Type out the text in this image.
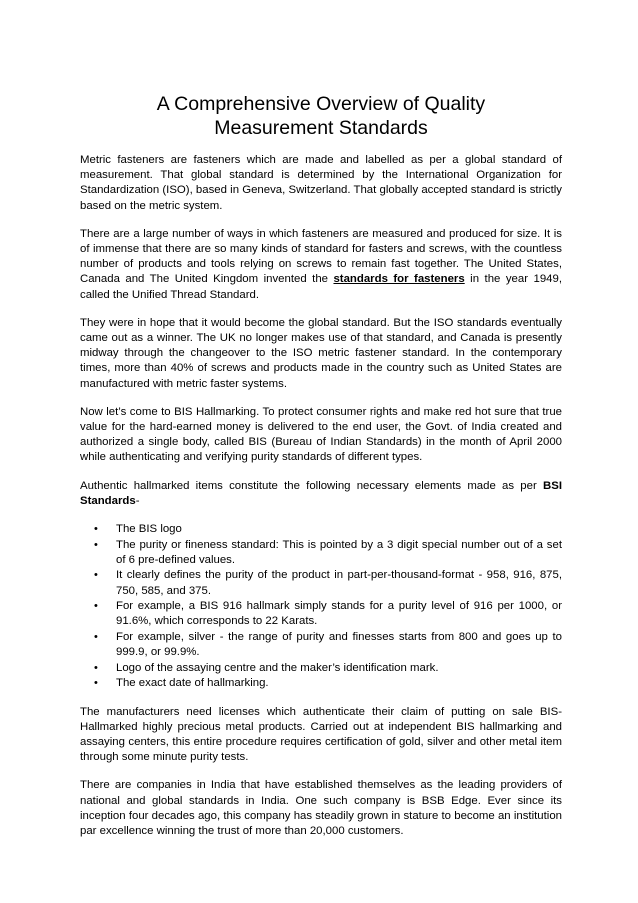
A Comprehensive Overview of Quality Measurement Standards

Metric fasteners are fasteners which are made and labelled as per a global standard of measurement. That global standard is determined by the International Organization for Standardization (ISO), based in Geneva, Switzerland. That globally accepted standard is strictly based on the metric system.

There are a large number of ways in which fasteners are measured and produced for size. It is of immense that there are so many kinds of standard for fasters and screws, with the countless number of products and tools relying on screws to remain fast together. The United States, Canada and The United Kingdom invented the standards for fasteners in the year 1949, called the Unified Thread Standard.

They were in hope that it would become the global standard. But the ISO standards eventually came out as a winner. The UK no longer makes use of that standard, and Canada is presently midway through the changeover to the ISO metric fastener standard. In the contemporary times, more than 40% of screws and products made in the country such as United States are manufactured with metric faster systems.

Now let’s come to BIS Hallmarking. To protect consumer rights and make red hot sure that true value for the hard-earned money is delivered to the end user, the Govt. of India created and authorized a single body, called BIS (Bureau of Indian Standards) in the month of April 2000 while authenticating and verifying purity standards of different types.

Authentic hallmarked items constitute the following necessary elements made as per BSI Standards-

• The BIS logo
• The purity or fineness standard: This is pointed by a 3 digit special number out of a set of 6 pre-defined values.
• It clearly defines the purity of the product in part-per-thousand-format - 958, 916, 875, 750, 585, and 375.
• For example, a BIS 916 hallmark simply stands for a purity level of 916 per 1000, or 91.6%, which corresponds to 22 Karats.
• For example, silver - the range of purity and finesses starts from 800 and goes up to 999.9, or 99.9%.
• Logo of the assaying centre and the maker’s identification mark.
• The exact date of hallmarking.

The manufacturers need licenses which authenticate their claim of putting on sale BIS-Hallmarked highly precious metal products. Carried out at independent BIS hallmarking and assaying centers, this entire procedure requires certification of gold, silver and other metal item through some minute purity tests.

There are companies in India that have established themselves as the leading providers of national and global standards in India. One such company is BSB Edge. Ever since its inception four decades ago, this company has steadily grown in stature to become an institution par excellence winning the trust of more than 20,000 customers.
